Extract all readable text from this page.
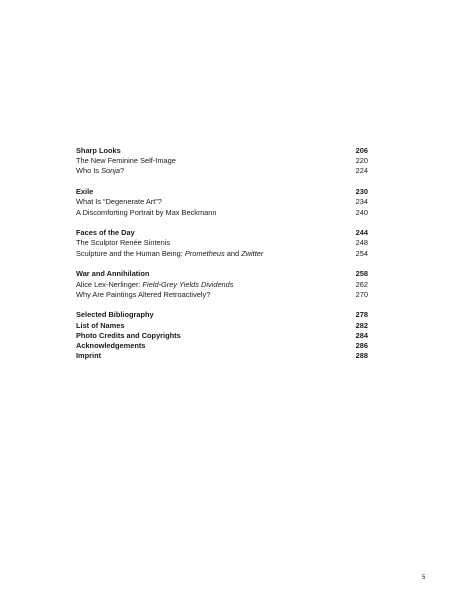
Sharp Looks	206
The New Feminine Self-Image	220
Who Is Sonja?	224
Exile	230
What Is “Degenerate Art”?	234
A Discomforting Portrait by Max Beckmann	240
Faces of the Day	244
The Sculptor Renée Sintenis	248
Sculpture and the Human Being: Prometheus and Zwitter	254
War and Annihilation	258
Alice Lex-Nerlinger: Field-Grey Yields Dividends	262
Why Are Paintings Altered Retroactively?	270
Selected Bibliography	278
List of Names	282
Photo Credits and Copyrights	284
Acknowledgements	286
Imprint	288
5
